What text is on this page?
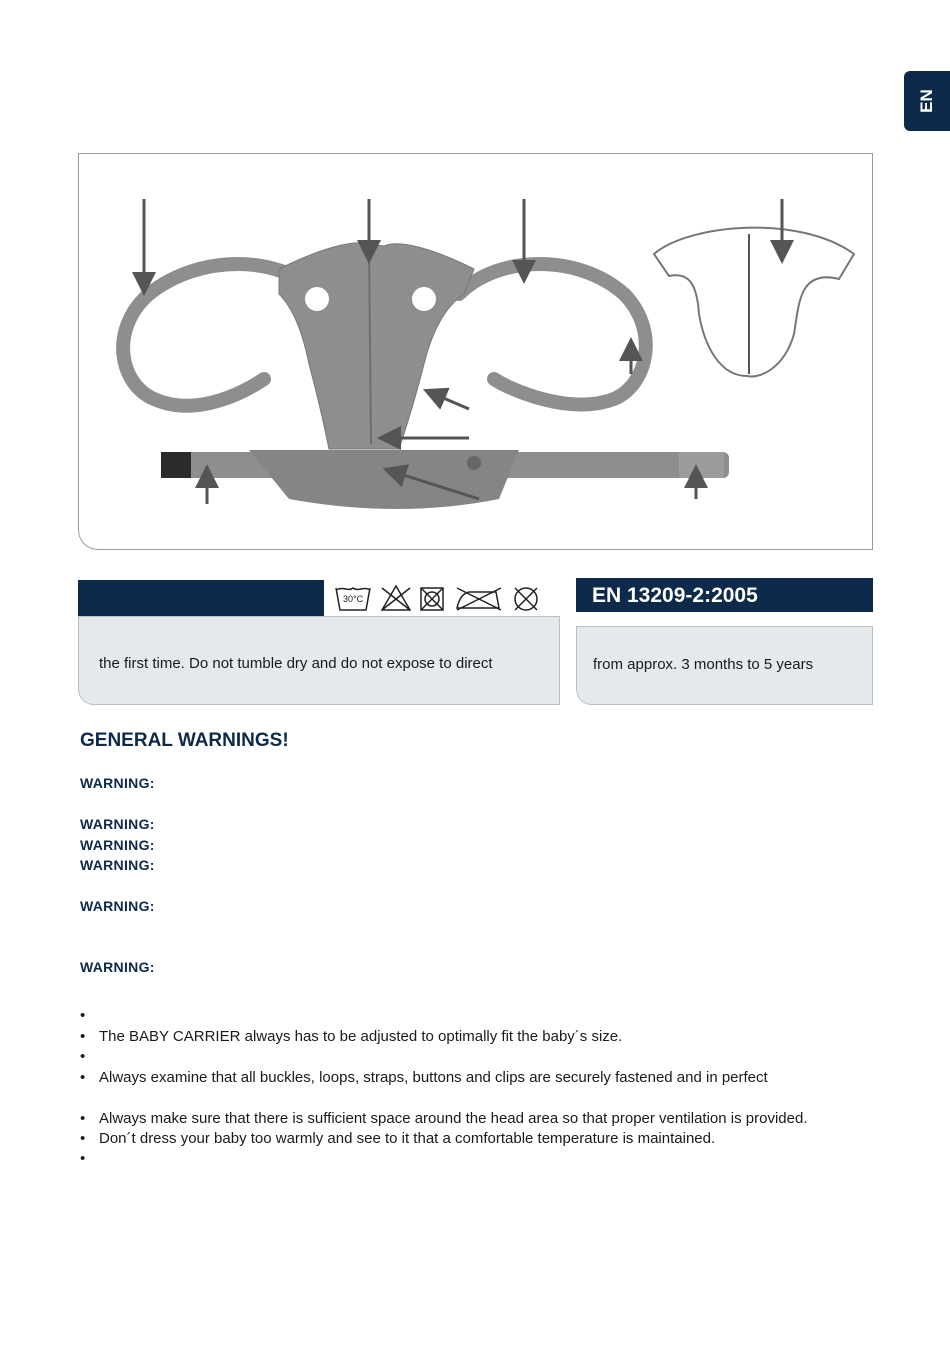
EN
30°C
the first time. Do not tumble dry and do not expose to direct
EN 13209-2:2005
from approx. 3 months to 5 years
GENERAL WARNINGS!
WARNING:
WARNING:
WARNING:
WARNING:
WARNING:
WARNING:
•
• The BABY CARRIER always has to be adjusted to optimally fit the baby´s size.
•
• Always examine that all buckles, loops, straps, buttons and clips are securely fastened and in perfect
• Always make sure that there is sufficient space around the head area so that proper ventilation is provided.
• Don´t dress your baby too warmly and see to it that a comfortable temperature is maintained.
•
